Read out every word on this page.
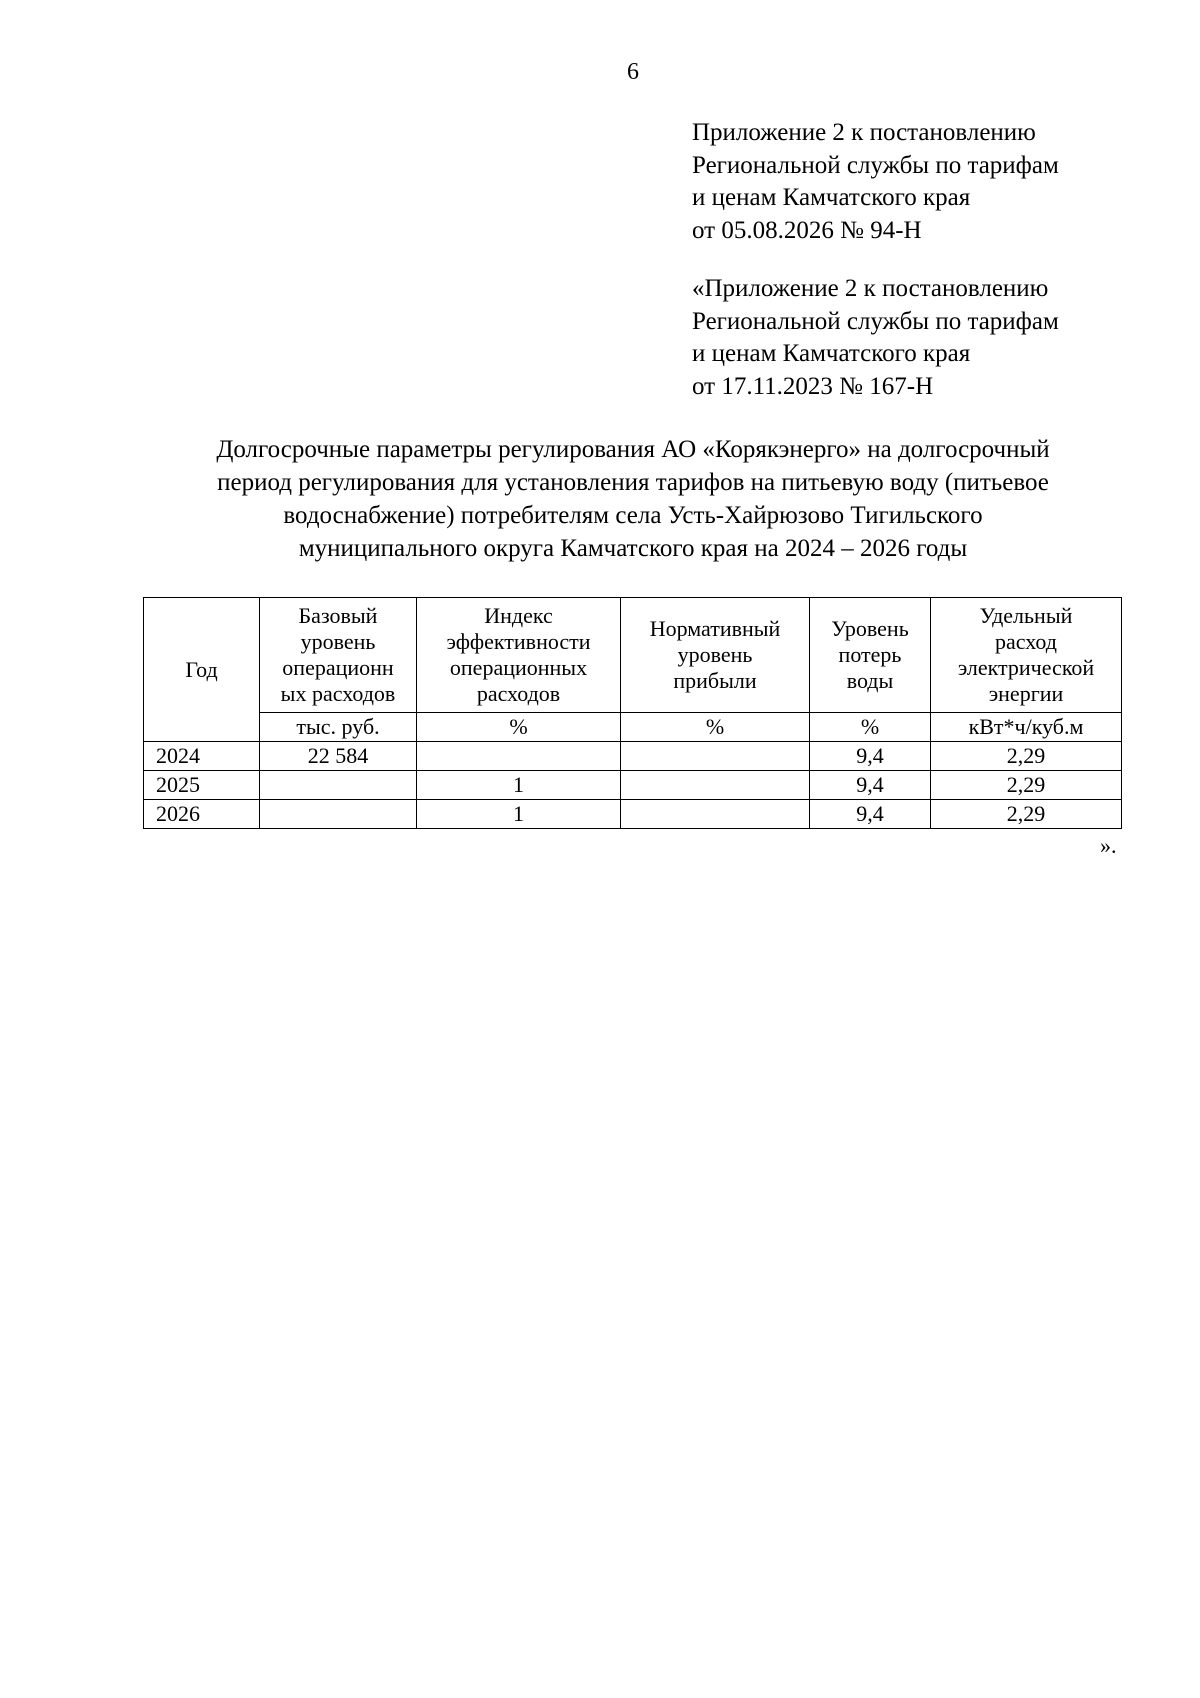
6
Приложение 2 к постановлению
Региональной службы по тарифам
и ценам Камчатского края
от 05.08.2026 № 94-Н
«Приложение 2 к постановлению
Региональной службы по тарифам
и ценам Камчатского края
от 17.11.2023 № 167-Н
Долгосрочные параметры регулирования АО «Корякэнерго» на долгосрочный
период регулирования для установления тарифов на питьевую воду (питьевое
водоснабжение) потребителям села Усть-Хайрюзово Тигильского
муниципального округа Камчатского края на 2024 – 2026 годы
Год	Базовый
уровень
операционн
ых расходов	Индекс
эффективности
операционных
расходов	Нормативный
уровень
прибыли	Уровень
потерь
воды	Удельный
расход
электрической
энергии
	тыс. руб.	%	%	%	кВт*ч/куб.м
2024	22 584			9,4	2,29
2025		1		9,4	2,29
2026		1		9,4	2,29
».
